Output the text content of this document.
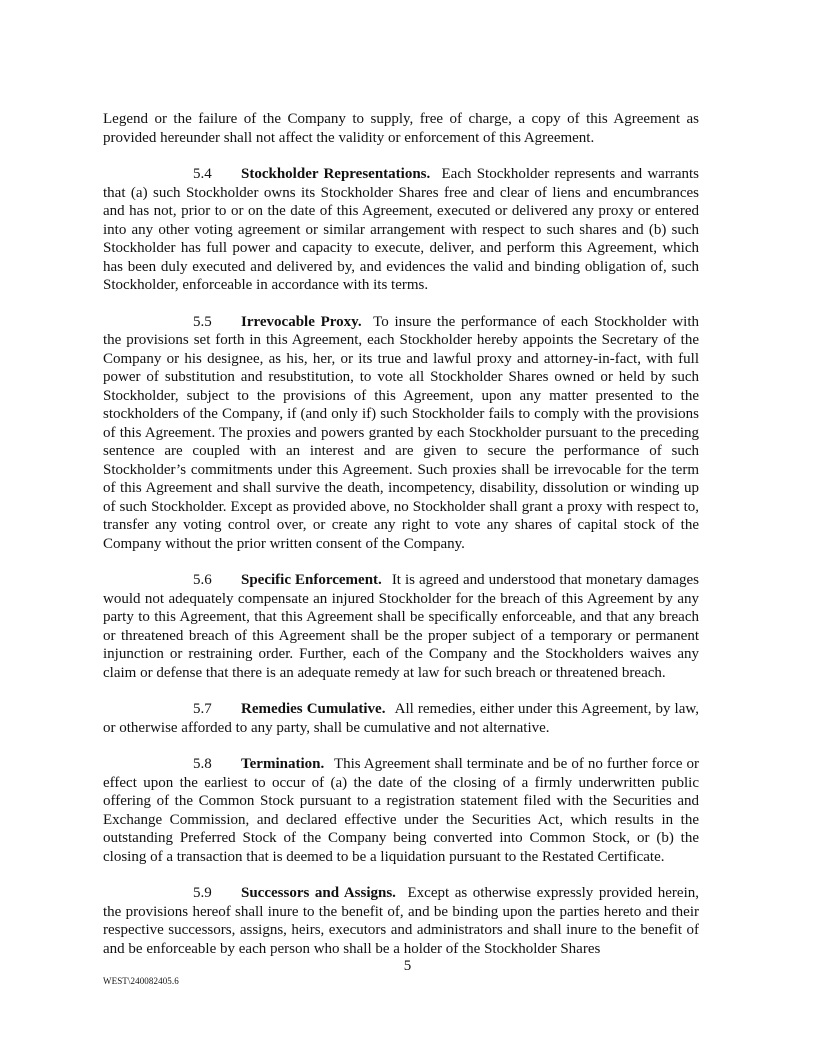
Legend or the failure of the Company to supply, free of charge, a copy of this Agreement as provided hereunder shall not affect the validity or enforcement of this Agreement.

5.4 Stockholder Representations. Each Stockholder represents and warrants that (a) such Stockholder owns its Stockholder Shares free and clear of liens and encumbrances and has not, prior to or on the date of this Agreement, executed or delivered any proxy or entered into any other voting agreement or similar arrangement with respect to such shares and (b) such Stockholder has full power and capacity to execute, deliver, and perform this Agreement, which has been duly executed and delivered by, and evidences the valid and binding obligation of, such Stockholder, enforceable in accordance with its terms.

5.5 Irrevocable Proxy. To insure the performance of each Stockholder with the provisions set forth in this Agreement, each Stockholder hereby appoints the Secretary of the Company or his designee, as his, her, or its true and lawful proxy and attorney-in-fact, with full power of substitution and resubstitution, to vote all Stockholder Shares owned or held by such Stockholder, subject to the provisions of this Agreement, upon any matter presented to the stockholders of the Company, if (and only if) such Stockholder fails to comply with the provisions of this Agreement. The proxies and powers granted by each Stockholder pursuant to the preceding sentence are coupled with an interest and are given to secure the performance of such Stockholder’s commitments under this Agreement. Such proxies shall be irrevocable for the term of this Agreement and shall survive the death, incompetency, disability, dissolution or winding up of such Stockholder. Except as provided above, no Stockholder shall grant a proxy with respect to, transfer any voting control over, or create any right to vote any shares of capital stock of the Company without the prior written consent of the Company.

5.6 Specific Enforcement. It is agreed and understood that monetary damages would not adequately compensate an injured Stockholder for the breach of this Agreement by any party to this Agreement, that this Agreement shall be specifically enforceable, and that any breach or threatened breach of this Agreement shall be the proper subject of a temporary or permanent injunction or restraining order. Further, each of the Company and the Stockholders waives any claim or defense that there is an adequate remedy at law for such breach or threatened breach.

5.7 Remedies Cumulative. All remedies, either under this Agreement, by law, or otherwise afforded to any party, shall be cumulative and not alternative.

5.8 Termination. This Agreement shall terminate and be of no further force or effect upon the earliest to occur of (a) the date of the closing of a firmly underwritten public offering of the Common Stock pursuant to a registration statement filed with the Securities and Exchange Commission, and declared effective under the Securities Act, which results in the outstanding Preferred Stock of the Company being converted into Common Stock, or (b) the closing of a transaction that is deemed to be a liquidation pursuant to the Restated Certificate.

5.9 Successors and Assigns. Except as otherwise expressly provided herein, the provisions hereof shall inure to the benefit of, and be binding upon the parties hereto and their respective successors, assigns, heirs, executors and administrators and shall inure to the benefit of and be enforceable by each person who shall be a holder of the Stockholder Shares

5
WEST\240082405.6
